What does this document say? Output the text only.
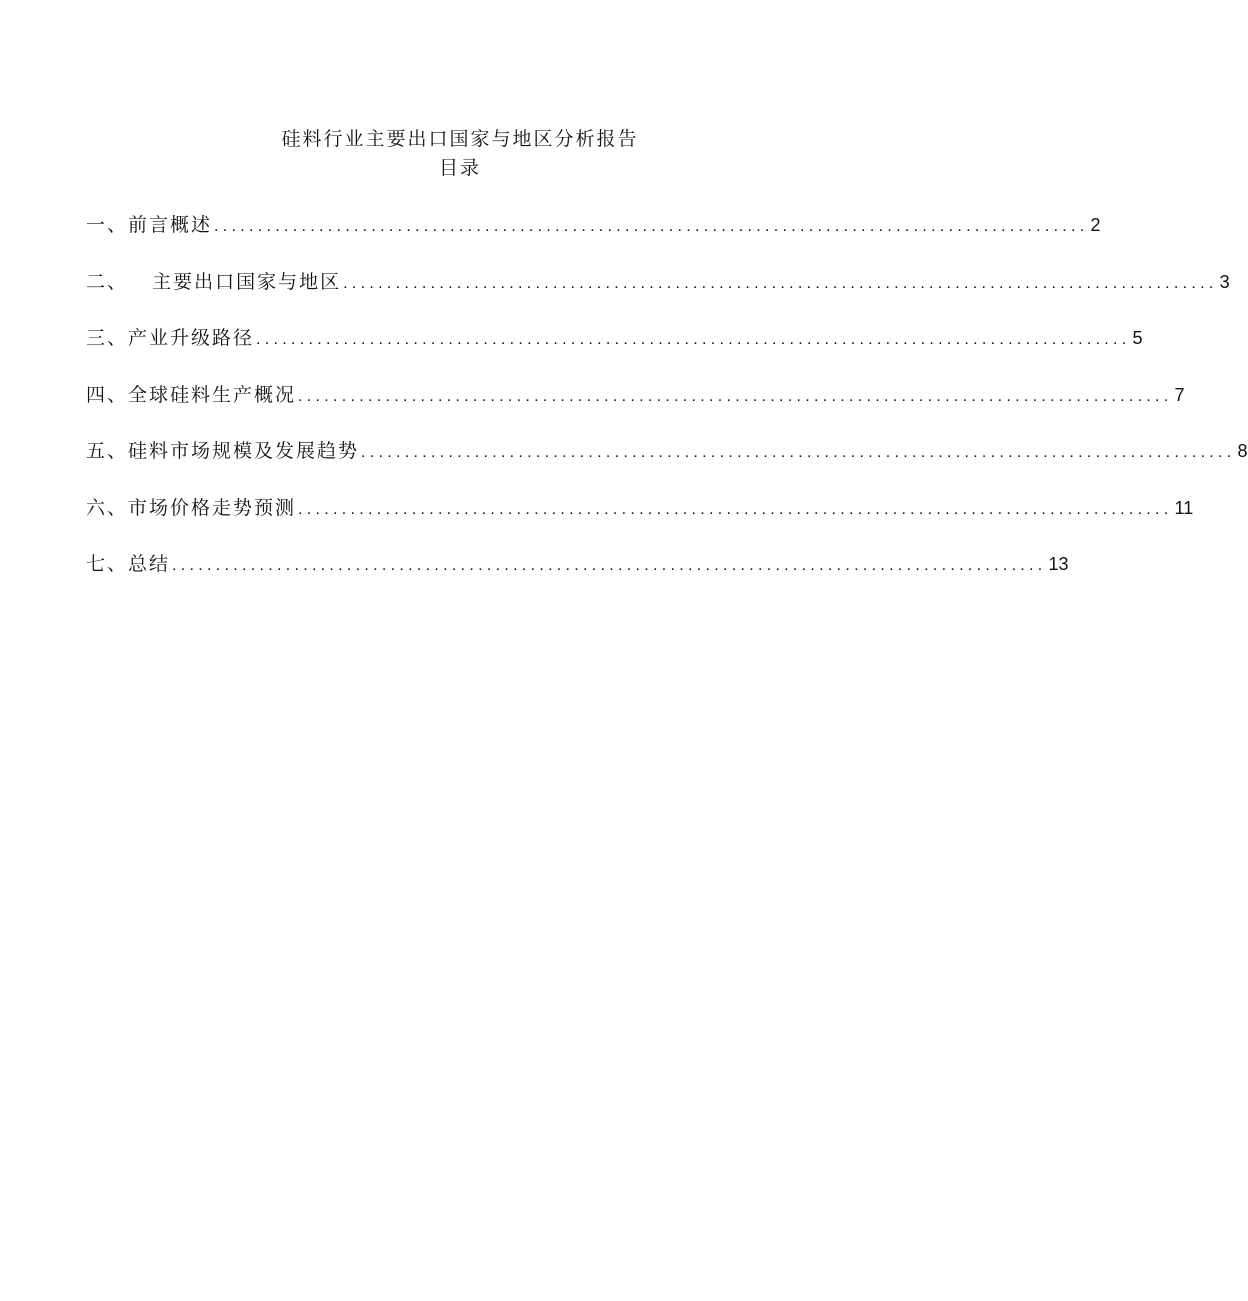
硅料行业主要出口国家与地区分析报告
目录
一、前言概述 .................................................................................................... 2
二、   主要出口国家与地区 .................................................................................................... 3
三、产业升级路径 .................................................................................................... 5
四、全球硅料生产概况 .................................................................................................... 7
五、硅料市场规模及发展趋势 .................................................................................................... 8
六、市场价格走势预测 .................................................................................................... 11
七、总结 .................................................................................................... 13
